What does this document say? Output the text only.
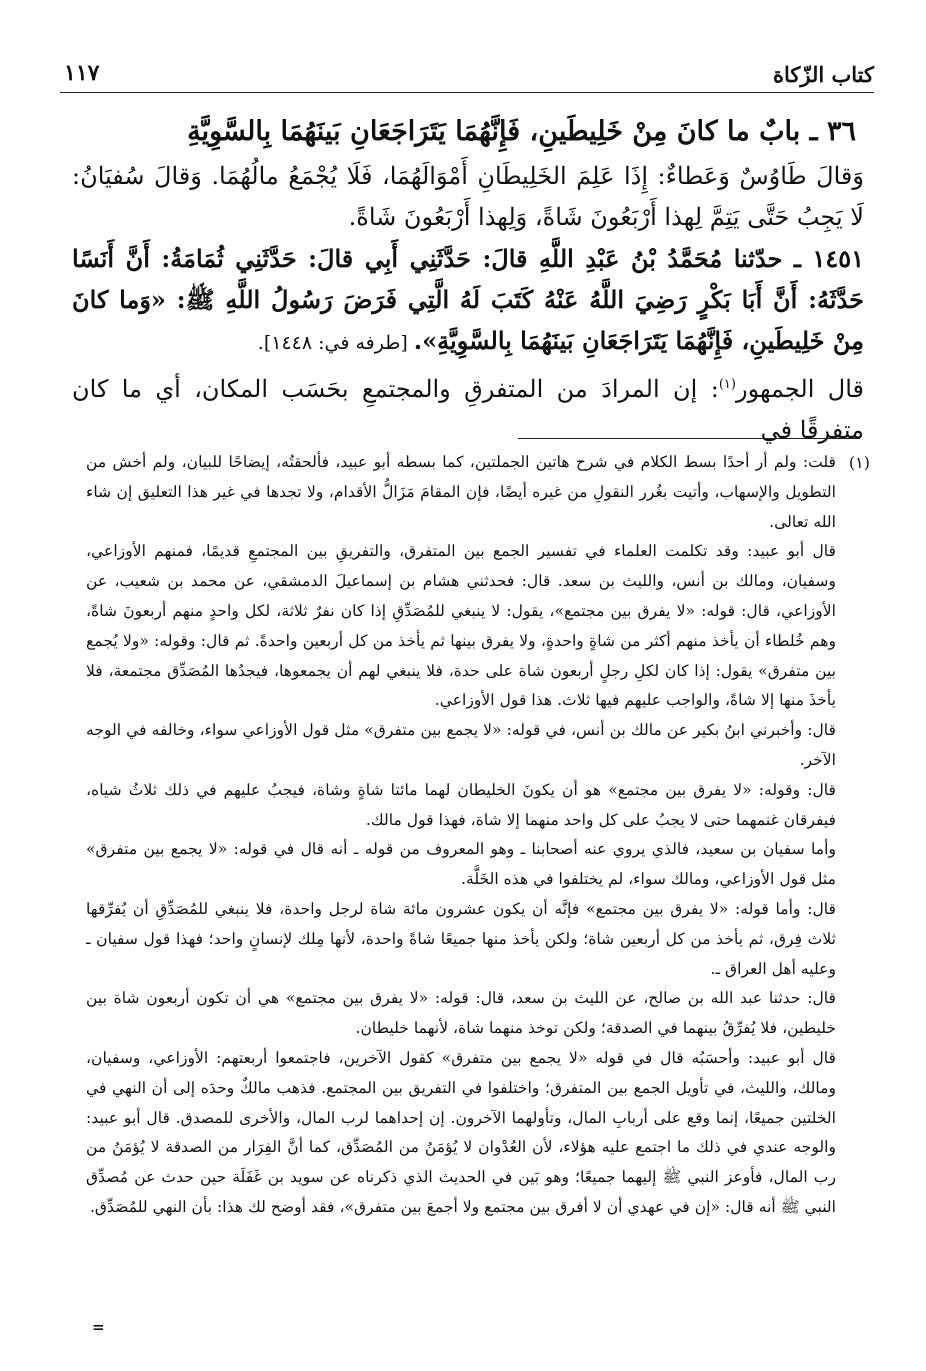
كتاب الزّكاة
١١٧
٣٦ ـ بابٌ ما كانَ مِنْ خَلِيطَينِ، فَإِنَّهُمَا يَتَرَاجَعَانِ بَينَهُمَا بِالسَّوِيَّةِ

وَقالَ طَاوُسٌ وَعَطاءٌ: إِذَا عَلِمَ الخَلِيطَانِ أَمْوَالَهُمَا، فَلَا يُجْمَعُ مالُهُمَا. وَقالَ سُفيَانُ: لَا يَجِبُ حَتَّى يَتِمَّ لِهذا أَرْبَعُونَ شَاةً، وَلِهذا أَرْبَعُونَ شَاةً.

١٤٥١ ـ حدّثنا مُحَمَّدُ بْنُ عَبْدِ اللَّهِ قالَ: حَدَّثَنِي أَبِي قالَ: حَدَّثَنِي ثُمَامَةُ: أَنَّ أَنَسًا حَدَّثَهُ: أَنَّ أَبَا بَكْرٍ رَضِيَ اللَّهُ عَنْهُ كَتَبَ لَهُ الَّتِي فَرَضَ رَسُولُ اللَّهِ ﷺ: «وَما كانَ مِنْ خَلِيطَينِ، فَإِنَّهُمَا يَتَرَاجَعَانِ بَينَهُمَا بِالسَّوِيَّةِ». [طرفه في: ١٤٤٨].

قال الجمهور$^{(١)}$: إن المرادَ من المتفرقِ والمجتمعِ بحَسَب المكان، أي ما كان متفرقًا في

(١)

قلت: ولم أر أحدًا بسط الكلام في شرح هاتين الجملتين، كما بسطه أبو عبيد، فألحقتُه، إيضاحًا للبيان، ولم أخش من التطويل والإسهاب، وأتيت بغُرر النقولِ من غيره أيضًا، فإن المقامَ مَزَالُّ الأقدام، ولا تجدها في غير هذا التعليق إن شاء الله تعالى.

قال أبو عبيد: وقد تكلمت العلماء في تفسير الجمع بين المتفرق، والتفريقِ بين المجتمعِ قديمًا، فمنهم الأوزاعي، وسفيان، ومالك بن أنس، والليث بن سعد. قال: فحدثني هشام بن إسماعيلَ الدمشقي، عن محمد بن شعيب، عن الأوزاعي، قال: قوله: «لا يفرق بين مجتمع»، يقول: لا ينبغي للمُصَدِّقِ إذا كان نفرٌ ثلاثة، لكل واحدٍ منهم أربعونَ شاةً، وهم خُلطاء أن يأخذ منهم أكثر من شاةٍ واحدةٍ، ولا يفرق بينها ثم يأخذ من كل أربعين واحدةً. ثم قال: وقوله: «ولا يُجمع بين متفرق» يقول: إذا كان لكلِ رجلٍ أربعون شاة على حدة، فلا ينبغي لهم أن يجمعوها، فيجدُها المُصَدِّق مجتمعة، فلا يأخذَ منها إلا شاةً، والواجب عليهم فيها ثلاث. هذا قول الأوزاعي.

قال: وأخبرني ابنُ بكير عن مالك بن أنس، في قوله: «لا يجمع بين متفرق» مثل قول الأوزاعي سواء، وخالفه في الوجه الآخر.

قال: وقوله: «لا يفرق بين مجتمع» هو أن يكونَ الخليطان لهما مائتا شاةٍ وشاة، فيجبُ عليهم في ذلك ثلاثُ شياه، فيفرقان غنمهما حتى لا يجبُ على كل واحد منهما إلا شاة، فهذا قول مالك.

وأما سفيان بن سعيد، فالذي يروي عنه أصحابنا ـ وهو المعروف من قوله ـ أنه قال في قوله: «لا يجمع بين متفرق» مثل قول الأوزاعي، ومالك سواء، لم يختلفوا في هذه الخَلَّة.

قال: وأما قوله: «لا يفرق بين مجتمع» فإنَّه أن يكون عشرون مائة شاة لرجل واحدة، فلا ينبغي للمُصَدِّقِ أن يُفرِّقها ثلاث فِرق، ثم يأخذ من كل أربعين شاة؛ ولكن يأخذ منها جميعًا شاةً واحدة، لأنها مِلك لإنسانٍ واحد؛ فهذا قول سفيان ـ وعليه أهل العراق ـ.

قال: حدثنا عبد الله بن صالح، عن الليث بن سعد، قال: قوله: «لا يفرق بين مجتمع» هي أن تكون أربعون شاة بين خليطين، فلا يُفرِّقُ بينهما في الصدقة؛ ولكن توخذ منهما شاة، لأنهما خليطان.

قال أبو عبيد: وأحسَبُه قال في قوله «لا يجمع بين متفرق» كقول الآخرين، فاجتمعوا أربعتهم: الأوزاعي، وسفيان، ومالك، والليث، في تأويل الجمع بين المتفرق؛ واختلفوا في التفريق بين المجتمع. فذهب مالكٌ وحدَه إلى أن النهي في الخلتين جميعًا، إنما وقع على أربابِ المال، وتأولهما الآخرون. إن إحداهما لرب المال، والأخرى للمصدق. قال أبو عبيد: والوجه عندي في ذلك ما اجتمع عليه هؤلاء، لأن العُدْوان لا يُؤمَنُ من المُصَدِّق، كما أنَّ الفِرَار من الصدقة لا يُؤمَنُ من رب المال، فأوعز النبي ﷺ إليهما جميعًا؛ وهو بَين في الحديث الذي ذكرناه عن سويد بن غَفَلَة حين حدث عن مُصدِّق النبي ﷺ أنه قال: «إن في عهدي أن لا أفرق بين مجتمع ولا أجمعَ بين متفرق»، فقد أوضح لك هذا: بأن النهي للمُصَدِّق.

=
